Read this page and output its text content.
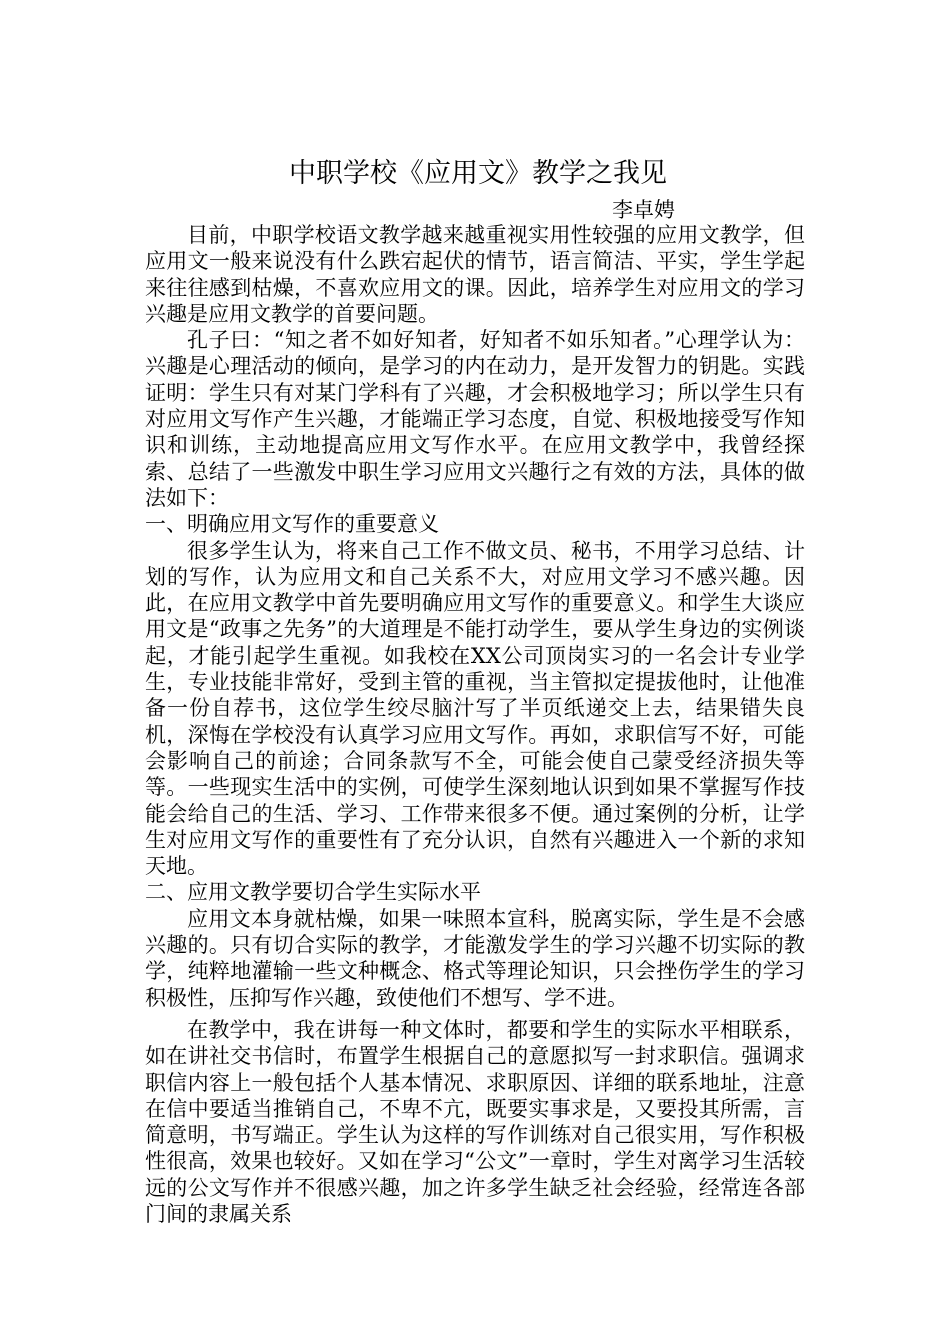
中职学校《应用文》教学之我见

李卓娉

目前，中职学校语文教学越来越重视实用性较强的应用文教学，但应用文一般来说没有什么跌宕起伏的情节，语言简洁、平实，学生学起来往往感到枯燥，不喜欢应用文的课。因此，培养学生对应用文的学习兴趣是应用文教学的首要问题。

孔子曰：“知之者不如好知者，好知者不如乐知者。”心理学认为：兴趣是心理活动的倾向，是学习的内在动力，是开发智力的钥匙。实践证明：学生只有对某门学科有了兴趣，才会积极地学习；所以学生只有对应用文写作产生兴趣，才能端正学习态度，自觉、积极地接受写作知识和训练，主动地提高应用文写作水平。在应用文教学中，我曾经探索、总结了一些激发中职生学习应用文兴趣行之有效的方法，具体的做法如下：

一、明确应用文写作的重要意义

很多学生认为，将来自己工作不做文员、秘书，不用学习总结、计划的写作，认为应用文和自己关系不大，对应用文学习不感兴趣。因此，在应用文教学中首先要明确应用文写作的重要意义。和学生大谈应用文是“政事之先务”的大道理是不能打动学生，要从学生身边的实例谈起，才能引起学生重视。如我校在XX公司顶岗实习的一名会计专业学生，专业技能非常好，受到主管的重视，当主管拟定提拔他时，让他准备一份自荐书，这位学生绞尽脑汁写了半页纸递交上去，结果错失良机，深悔在学校没有认真学习应用文写作。再如，求职信写不好，可能会影响自己的前途；合同条款写不全，可能会使自己蒙受经济损失等等。一些现实生活中的实例，可使学生深刻地认识到如果不掌握写作技能会给自己的生活、学习、工作带来很多不便。通过案例的分析，让学生对应用文写作的重要性有了充分认识，自然有兴趣进入一个新的求知天地。

二、应用文教学要切合学生实际水平

应用文本身就枯燥，如果一味照本宣科，脱离实际，学生是不会感兴趣的。只有切合实际的教学，才能激发学生的学习兴趣不切实际的教学，纯粹地灌输一些文种概念、格式等理论知识，只会挫伤学生的学习积极性，压抑写作兴趣，致使他们不想写、学不进。

在教学中，我在讲每一种文体时，都要和学生的实际水平相联系，如在讲社交书信时，布置学生根据自己的意愿拟写一封求职信。强调求职信内容上一般包括个人基本情况、求职原因、详细的联系地址，注意在信中要适当推销自己，不卑不亢，既要实事求是，又要投其所需，言简意明，书写端正。学生认为这样的写作训练对自己很实用，写作积极性很高，效果也较好。又如在学习“公文”一章时，学生对离学习生活较远的公文写作并不很感兴趣，加之许多学生缺乏社会经验，经常连各部门间的隶属关系
